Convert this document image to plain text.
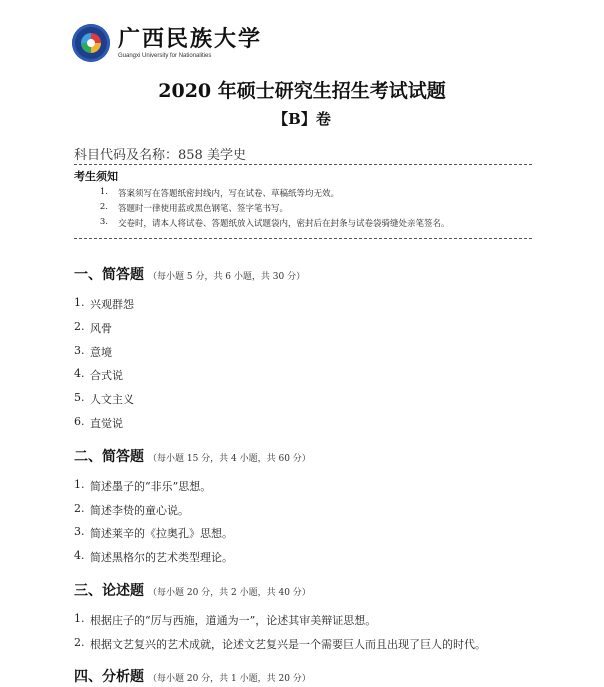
广西民族大学
Guangxi University for Nationalities
2020 年硕士研究生招生考试试题
【B】卷
科目代码及名称：858 美学史
考生须知
1.	答案须写在答题纸密封线内，写在试卷、草稿纸等均无效。
2.	答题时一律使用蓝或黑色钢笔、签字笔书写。
3.	交卷时，请本人将试卷、答题纸放入试题袋内，密封后在封条与试卷袋骑缝处亲笔签名。
一、简答题 （每小题 5 分，共 6 小题，共 30 分）
1. 兴观群怨
2. 风骨
3. 意境
4. 合式说
5. 人文主义
6. 直觉说
二、简答题 （每小题 15 分，共 4 小题，共 60 分）
1. 简述墨子的“非乐”思想。
2. 简述李贽的童心说。
3. 简述莱辛的《拉奥孔》思想。
4. 简述黑格尔的艺术类型理论。
三、论述题 （每小题 20 分，共 2 小题，共 40 分）
1. 根据庄子的“厉与西施，道通为一”，论述其审美辩证思想。
2. 根据文艺复兴的艺术成就，论述文艺复兴是一个需要巨人而且出现了巨人的时代。
四、分析题 （每小题 20 分，共 1 小题，共 20 分）
